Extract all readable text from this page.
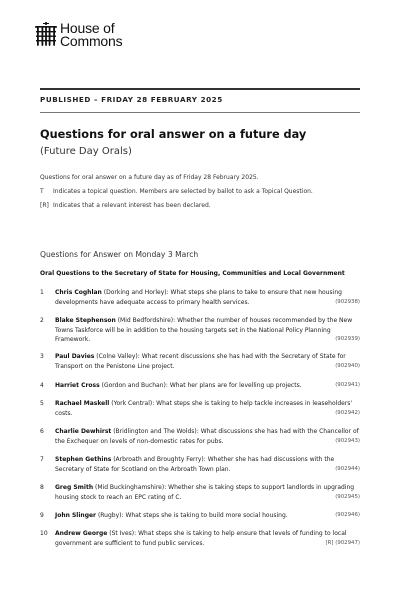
House of
Commons
PUBLISHED – FRIDAY 28 FEBRUARY 2025
Questions for oral answer on a future day
(Future Day Orals)
Questions for oral answer on a future day as of Friday 28 February 2025.
T Indicates a topical question. Members are selected by ballot to ask a Topical Question.
[R] Indicates that a relevant interest has been declared.
Questions for Answer on Monday 3 March
Oral Questions to the Secretary of State for Housing, Communities and Local Government
1	Chris Coghlan (Dorking and Horley): What steps she plans to take to ensure that new housing developments have adequate access to primary health services.	(902938)
2	Blake Stephenson (Mid Bedfordshire): Whether the number of houses recommended by the New Towns Taskforce will be in addition to the housing targets set in the National Policy Planning Framework.	(902939)
3	Paul Davies (Colne Valley): What recent discussions she has had with the Secretary of State for Transport on the Penistone Line project.	(902940)
4	Harriet Cross (Gordon and Buchan): What her plans are for levelling up projects.	(902941)
5	Rachael Maskell (York Central): What steps she is taking to help tackle increases in leaseholders' costs.	(902942)
6	Charlie Dewhirst (Bridlington and The Wolds): What discussions she has had with the Chancellor of the Exchequer on levels of non-domestic rates for pubs.	(902943)
7	Stephen Gethins (Arbroath and Broughty Ferry): Whether she has had discussions with the Secretary of State for Scotland on the Arbroath Town plan.	(902944)
8	Greg Smith (Mid Buckinghamshire): Whether she is taking steps to support landlords in upgrading housing stock to reach an EPC rating of C.	(902945)
9	John Slinger (Rugby): What steps she is taking to build more social housing.	(902946)
10	Andrew George (St Ives): What steps she is taking to help ensure that levels of funding to local government are sufficient to fund public services.	[R] (902947)
